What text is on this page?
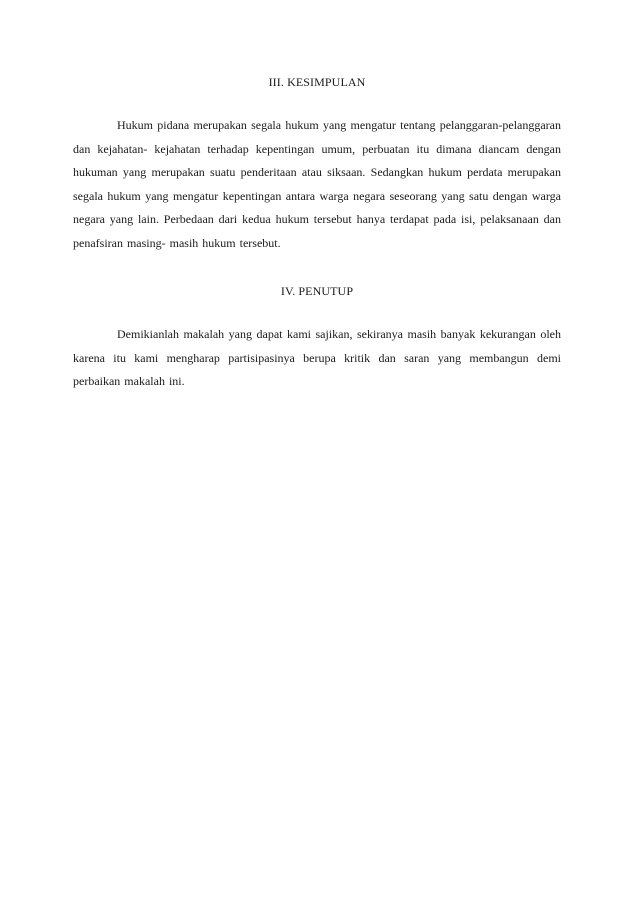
III. KESIMPULAN

Hukum pidana merupakan segala hukum yang mengatur tentang pelanggaran-pelanggaran dan kejahatan- kejahatan terhadap kepentingan umum, perbuatan itu dimana diancam dengan hukuman yang merupakan suatu penderitaan atau siksaan. Sedangkan hukum perdata merupakan segala hukum yang mengatur kepentingan antara warga negara seseorang yang satu dengan warga negara yang lain. Perbedaan dari kedua hukum tersebut hanya terdapat pada isi, pelaksanaan dan penafsiran masing- masih hukum tersebut.

IV. PENUTUP

Demikianlah makalah yang dapat kami sajikan, sekiranya masih banyak kekurangan oleh karena itu kami mengharap partisipasinya berupa kritik dan saran yang membangun demi perbaikan makalah ini.
